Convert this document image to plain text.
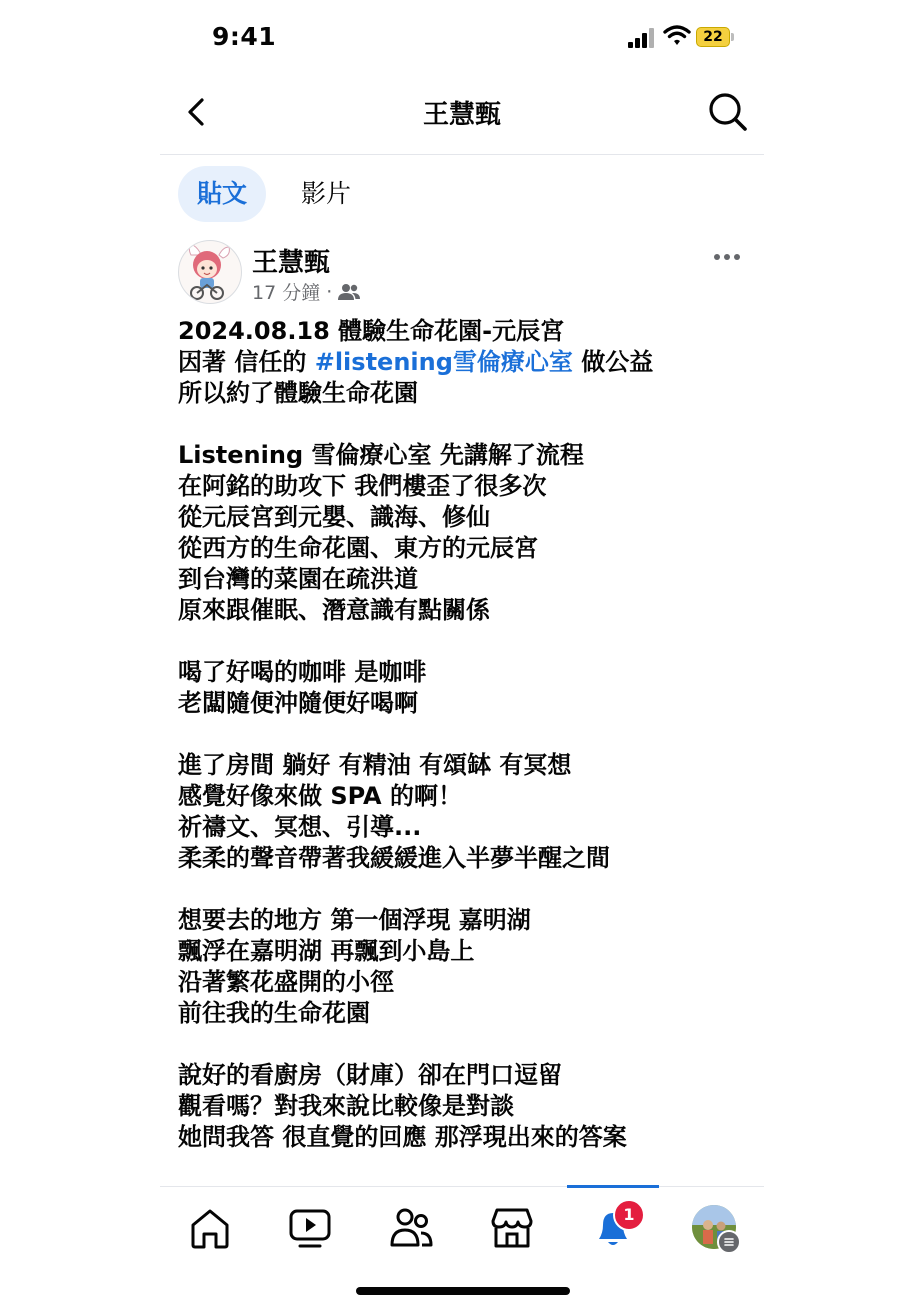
9:41	22
王慧甄
貼文	影片
王慧甄
17 分鐘 ·
2024.08.18 體驗生命花園-元辰宮
因著 信任的 #listening雪倫療心室 做公益
所以約了體驗生命花園
Listening 雪倫療心室 先講解了流程
在阿銘的助攻下 我們樓歪了很多次
從元辰宮到元嬰、識海、修仙
從西方的生命花園、東方的元辰宮
到台灣的菜園在疏洪道
原來跟催眠、潛意識有點關係
喝了好喝的咖啡 是咖啡
老闆隨便沖隨便好喝啊
進了房間 躺好 有精油 有頌缽 有冥想
感覺好像來做 SPA 的啊！
祈禱文、冥想、引導...
柔柔的聲音帶著我緩緩進入半夢半醒之間
想要去的地方 第一個浮現 嘉明湖
飄浮在嘉明湖 再飄到小島上
沿著繁花盛開的小徑
前往我的生命花園
說好的看廚房（財庫）卻在門口逗留
觀看嗎？對我來說比較像是對談
她問我答 很直覺的回應 那浮現出來的答案
1
